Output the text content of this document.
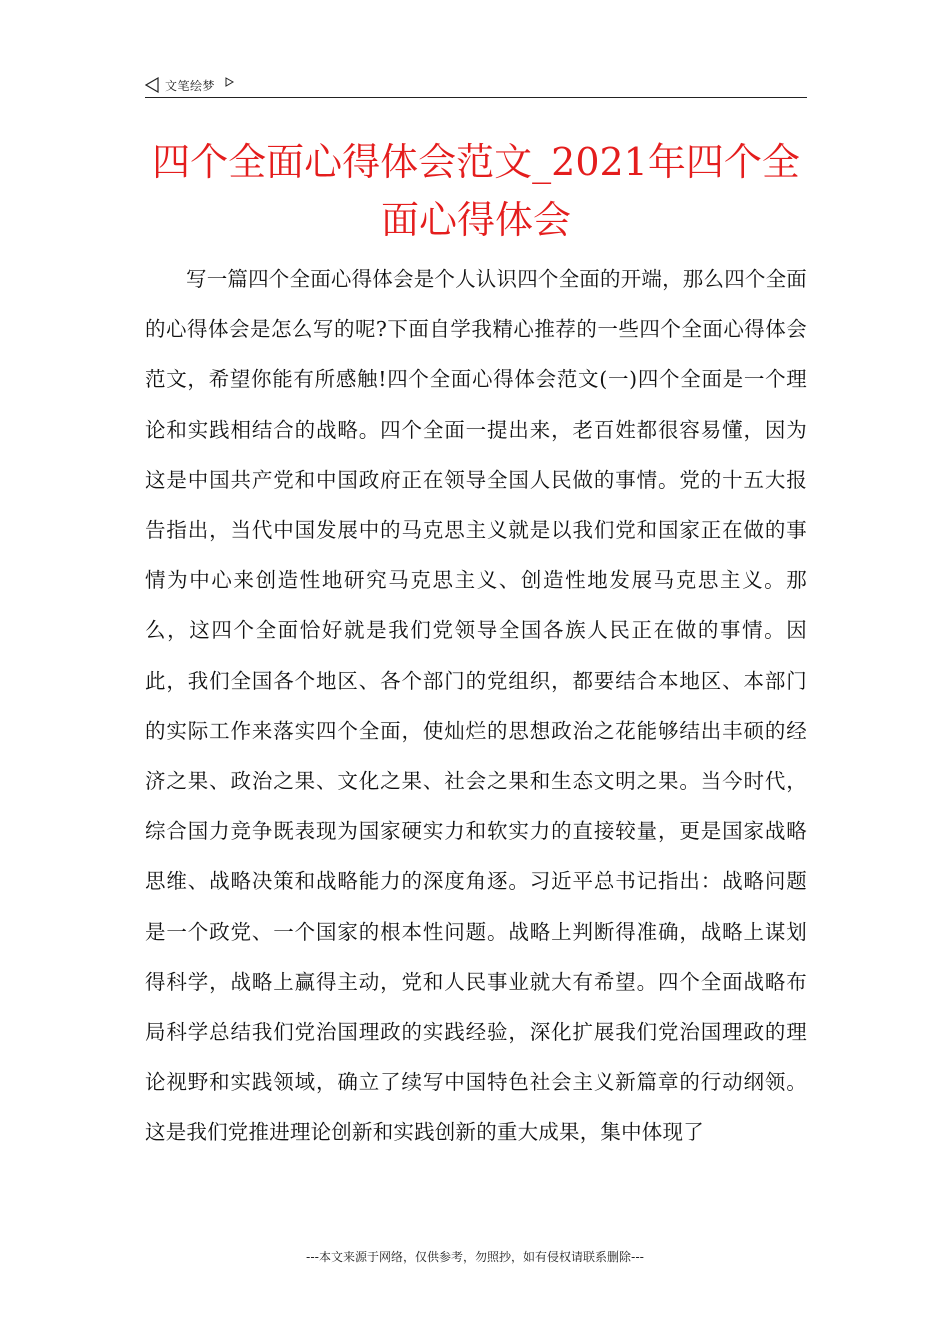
文笔绘梦
四个全面心得体会范文_2021年四个全面心得体会

写一篇四个全面心得体会是个人认识四个全面的开端，那么四个全面的心得体会是怎么写的呢?下面自学我精心推荐的一些四个全面心得体会范文，希望你能有所感触!四个全面心得体会范文(一)四个全面是一个理论和实践相结合的战略。四个全面一提出来，老百姓都很容易懂，因为这是中国共产党和中国政府正在领导全国人民做的事情。党的十五大报告指出，当代中国发展中的马克思主义就是以我们党和国家正在做的事情为中心来创造性地研究马克思主义、创造性地发展马克思主义。那么，这四个全面恰好就是我们党领导全国各族人民正在做的事情。因此，我们全国各个地区、各个部门的党组织，都要结合本地区、本部门的实际工作来落实四个全面，使灿烂的思想政治之花能够结出丰硕的经济之果、政治之果、文化之果、社会之果和生态文明之果。当今时代，综合国力竞争既表现为国家硬实力和软实力的直接较量，更是国家战略思维、战略决策和战略能力的深度角逐。习近平总书记指出：战略问题是一个政党、一个国家的根本性问题。战略上判断得准确，战略上谋划得科学，战略上赢得主动，党和人民事业就大有希望。四个全面战略布局科学总结我们党治国理政的实践经验，深化扩展我们党治国理政的理论视野和实践领域，确立了续写中国特色社会主义新篇章的行动纲领。这是我们党推进理论创新和实践创新的重大成果，集中体现了

---本文来源于网络，仅供参考，勿照抄，如有侵权请联系删除---
